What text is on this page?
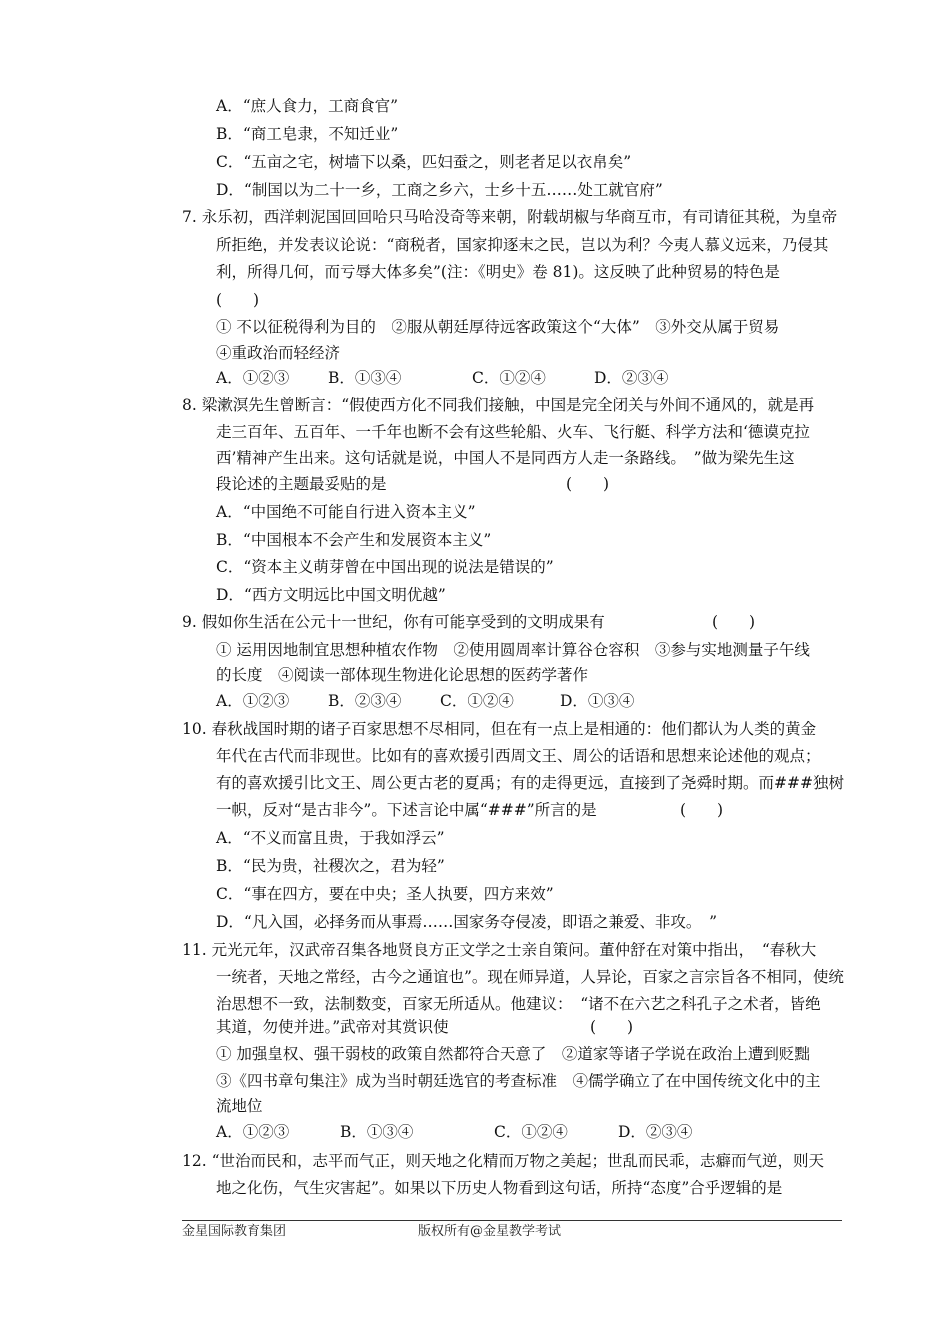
A．“庶人食力，工商食官”
B．“商工皂隶，不知迁业”
C．“五亩之宅，树墙下以桑，匹妇蚕之，则老者足以衣帛矣”
D．“制国以为二十一乡，工商之乡六，士乡十五……处工就官府”
7. 永乐初，西洋剌泥国回回哈只马哈没奇等来朝，附载胡椒与华商互市，有司请征其税，为皇帝
所拒绝，并发表议论说：“商税者，国家抑逐末之民，岂以为利？今夷人慕义远来，乃侵其
利，所得几何，而亏辱大体多矣”(注：《明史》卷 81)。这反映了此种贸易的特色是
(　　)
① 不以征税得利为目的　②服从朝廷厚待远客政策这个“大体”　③外交从属于贸易
④重政治而轻经济
A．①②③	B．①③④	C．①②④	D．②③④
8. 梁漱溟先生曾断言：“假使西方化不同我们接触，中国是完全闭关与外间不通风的，就是再
走三百年、五百年、一千年也断不会有这些轮船、火车、飞行艇、科学方法和‘德谟克拉
西’精神产生出来。这句话就是说，中国人不是同西方人走一条路线。　”做为梁先生这
段论述的主题最妥贴的是	(　　)
A．“中国绝不可能自行进入资本主义”
B．“中国根本不会产生和发展资本主义”
C．“资本主义萌芽曾在中国出现的说法是错误的”
D．“西方文明远比中国文明优越”
9. 假如你生活在公元十一世纪，你有可能享受到的文明成果有	(　　)
① 运用因地制宜思想种植农作物　②使用圆周率计算谷仓容积　③参与实地测量子午线
的长度　④阅读一部体现生物进化论思想的医药学著作
A．①②③	B．②③④ C．①②④	D．①③④
10. 春秋战国时期的诸子百家思想不尽相同，但在有一点上是相通的：他们都认为人类的黄金
年代在古代而非现世。比如有的喜欢援引西周文王、周公的话语和思想来论述他的观点；
有的喜欢援引比文王、周公更古老的夏禹；有的走得更远，直接到了尧舜时期。而###独树
一帜，反对“是古非今”。下述言论中属“###”所言的是	(　　)
A．“不义而富且贵，于我如浮云”
B．“民为贵，社稷次之，君为轻”
C．“事在四方，要在中央；圣人执要，四方来效”
D．“凡入国，必择务而从事焉……国家务夺侵凌，即语之兼爱、非攻。　”
11. 元光元年，汉武帝召集各地贤良方正文学之士亲自策问。董仲舒在对策中指出，　“春秋大
一统者，天地之常经，古今之通谊也”。现在师异道，人异论，百家之言宗旨各不相同，使统
治思想不一致，法制数变，百家无所适从。他建议：　“诸不在六艺之科孔子之术者，皆绝
其道，勿使并进。”武帝对其赏识使	(　　)
① 加强皇权、强干弱枝的政策自然都符合天意了　②道家等诸子学说在政治上遭到贬黜
③《四书章句集注》成为当时朝廷选官的考查标准　④儒学确立了在中国传统文化中的主
流地位
A．①②③	B．①③④	C．①②④	D．②③④
12. “世治而民和，志平而气正，则天地之化精而万物之美起；世乱而民乖，志癖而气逆，则天
地之化伤，气生灾害起”。如果以下历史人物看到这句话，所持“态度”合乎逻辑的是
金星国际教育集团	版权所有@金星教学考试
